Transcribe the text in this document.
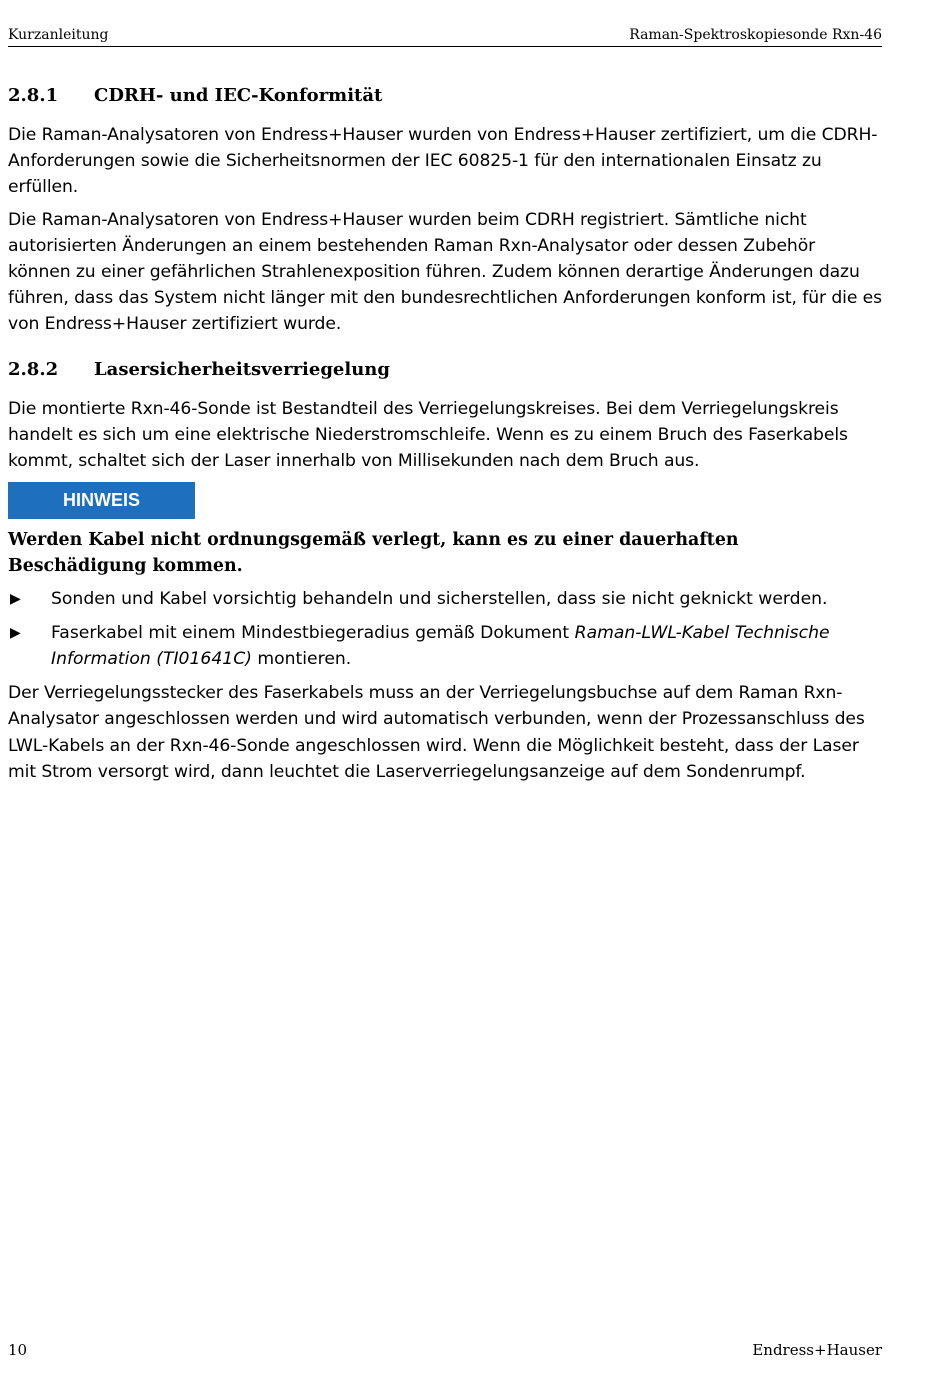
Kurzanleitung	Raman-Spektroskopiesonde Rxn-46
2.8.1	CDRH- und IEC-Konformität

Die Raman-Analysatoren von Endress+Hauser wurden von Endress+Hauser zertifiziert, um die CDRH-Anforderungen sowie die Sicherheitsnormen der IEC 60825-1 für den internationalen Einsatz zu erfüllen.

Die Raman-Analysatoren von Endress+Hauser wurden beim CDRH registriert. Sämtliche nicht autorisierten Änderungen an einem bestehenden Raman Rxn-Analysator oder dessen Zubehör können zu einer gefährlichen Strahlenexposition führen. Zudem können derartige Änderungen dazu führen, dass das System nicht länger mit den bundesrechtlichen Anforderungen konform ist, für die es von Endress+Hauser zertifiziert wurde.

2.8.2	Lasersicherheitsverriegelung

Die montierte Rxn-46-Sonde ist Bestandteil des Verriegelungskreises. Bei dem Verriegelungskreis handelt es sich um eine elektrische Niederstromschleife. Wenn es zu einem Bruch des Faserkabels kommt, schaltet sich der Laser innerhalb von Millisekunden nach dem Bruch aus.

HINWEIS

Werden Kabel nicht ordnungsgemäß verlegt, kann es zu einer dauerhaften Beschädigung kommen.

▶	Sonden und Kabel vorsichtig behandeln und sicherstellen, dass sie nicht geknickt werden.
▶	Faserkabel mit einem Mindestbiegeradius gemäß Dokument Raman-LWL-Kabel Technische Information (TI01641C) montieren.

Der Verriegelungsstecker des Faserkabels muss an der Verriegelungsbuchse auf dem Raman Rxn-Analysator angeschlossen werden und wird automatisch verbunden, wenn der Prozessanschluss des LWL-Kabels an der Rxn-46-Sonde angeschlossen wird. Wenn die Möglichkeit besteht, dass der Laser mit Strom versorgt wird, dann leuchtet die Laserverriegelungsanzeige auf dem Sondenrumpf.

10	Endress+Hauser
